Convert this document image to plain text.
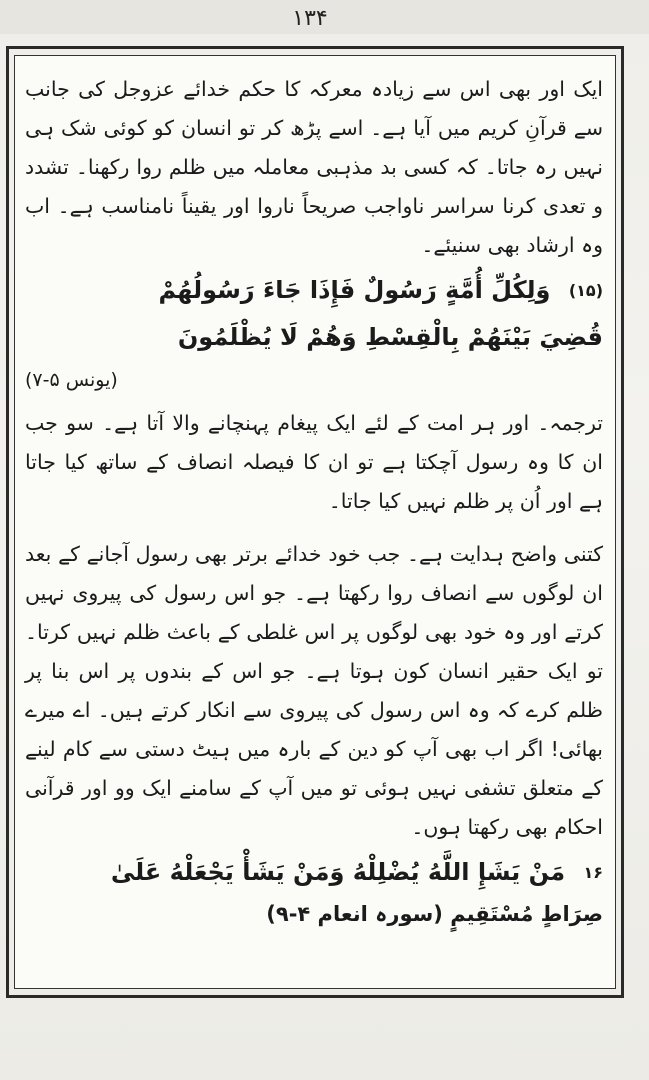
۱۳۴

ایک اور بھی اس سے زیادہ معرکہ کا حکم خدائے عزوجل کی جانب سے قرآنِ کریم میں آیا ہے۔ اسے پڑھ کر تو انسان کو کوئی شک ہی نہیں رہ جاتا۔ کہ کسی بد مذہبی معاملہ میں ظلم روا رکھنا۔ تشدد و تعدی کرنا سراسر ناواجب صریحاً ناروا اور یقیناً نامناسب ہے۔ اب وہ ارشاد بھی سنیئے۔

(۱۵) وَلِكُلِّ أُمَّةٍ رَسُولٌ فَإِذَا جَاءَ رَسُولُهُمْ

قُضِيَ بَيْنَهُمْ بِالْقِسْطِ وَهُمْ لَا يُظْلَمُونَ

(یونس ۵-۷)

ترجمہ۔ اور ہر امت کے لئے ایک پیغام پہنچانے والا آتا ہے۔ سو جب ان کا وہ رسول آچکتا ہے تو ان کا فیصلہ انصاف کے ساتھ کیا جاتا ہے اور اُن پر ظلم نہیں کیا جاتا۔

کتنی واضح ہدایت ہے۔ جب خود خدائے برتر بھی رسول آجانے کے بعد ان لوگوں سے انصاف روا رکھتا ہے۔ جو اس رسول کی پیروی نہیں کرتے اور وہ خود بھی لوگوں پر اس غلطی کے باعث ظلم نہیں کرتا۔ تو ایک حقیر انسان کون ہوتا ہے۔ جو اس کے بندوں پر اس بنا پر ظلم کرے کہ وہ اس رسول کی پیروی سے انکار کرتے ہیں۔ اے میرے بھائی! اگر اب بھی آپ کو دین کے بارہ میں ہیٹ دستی سے کام لینے کے متعلق تشفی نہیں ہوئی تو میں آپ کے سامنے ایک وو اور قرآنی احکام بھی رکھتا ہوں۔

۱۶ مَنْ يَشَإِ اللَّهُ يُضْلِلْهُ وَمَنْ يَشَأْ يَجْعَلْهُ عَلَىٰ

صِرَاطٍ مُسْتَقِيمٍ (سورہ انعام ۴-۹)
